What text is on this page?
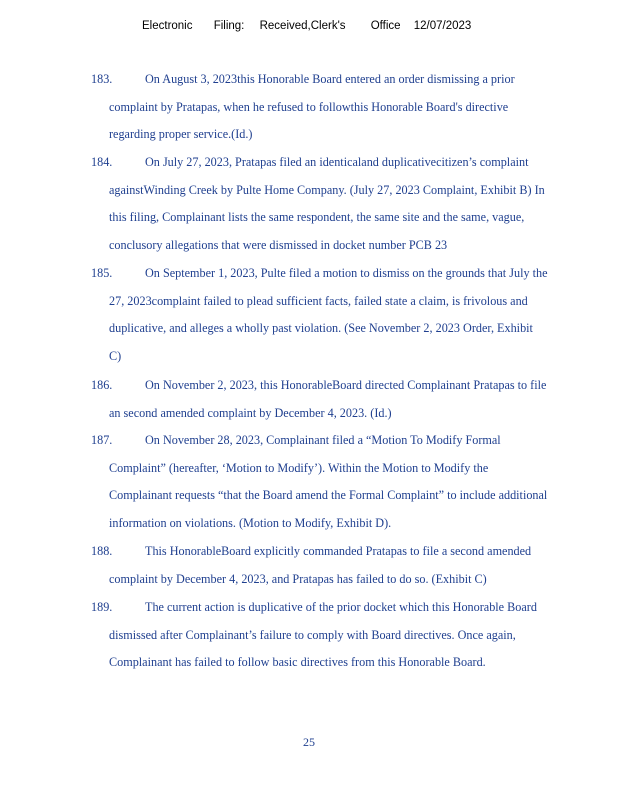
Electronic Filing: Received,Clerk's Office 12/07/2023
183.	On August 3, 2023this Honorable Board entered an order dismissing a prior
complaint by Pratapas, when he refused to followthis Honorable Board's directive
regarding proper service.(Id.)
184.	On July 27, 2023, Pratapas filed an identicaland duplicativecitizen’s complaint
againstWinding Creek by Pulte Home Company. (July 27, 2023 Complaint, Exhibit B) In
this filing, Complainant lists the same respondent, the same site and the same, vague,
conclusory allegations that were dismissed in docket number PCB 23
185.	On September 1, 2023, Pulte filed a motion to dismiss on the grounds that July the
27, 2023complaint failed to plead sufficient facts, failed state a claim, is frivolous and
duplicative, and alleges a wholly past violation. (See November 2, 2023 Order, Exhibit
C)
186.	On November 2, 2023, this HonorableBoard directed Complainant Pratapas to file
an second amended complaint by December 4, 2023. (Id.)
187.	On November 28, 2023, Complainant filed a “Motion To Modify Formal
Complaint” (hereafter, ‘Motion to Modify’). Within the Motion to Modify the
Complainant requests “that the Board amend the Formal Complaint” to include additional
information on violations. (Motion to Modify, Exhibit D).
188.	This HonorableBoard explicitly commanded Pratapas to file a second amended
complaint by December 4, 2023, and Pratapas has failed to do so. (Exhibit C)
189.	The current action is duplicative of the prior docket which this Honorable Board
dismissed after Complainant’s failure to comply with Board directives. Once again,
Complainant has failed to follow basic directives from this Honorable Board.
25
